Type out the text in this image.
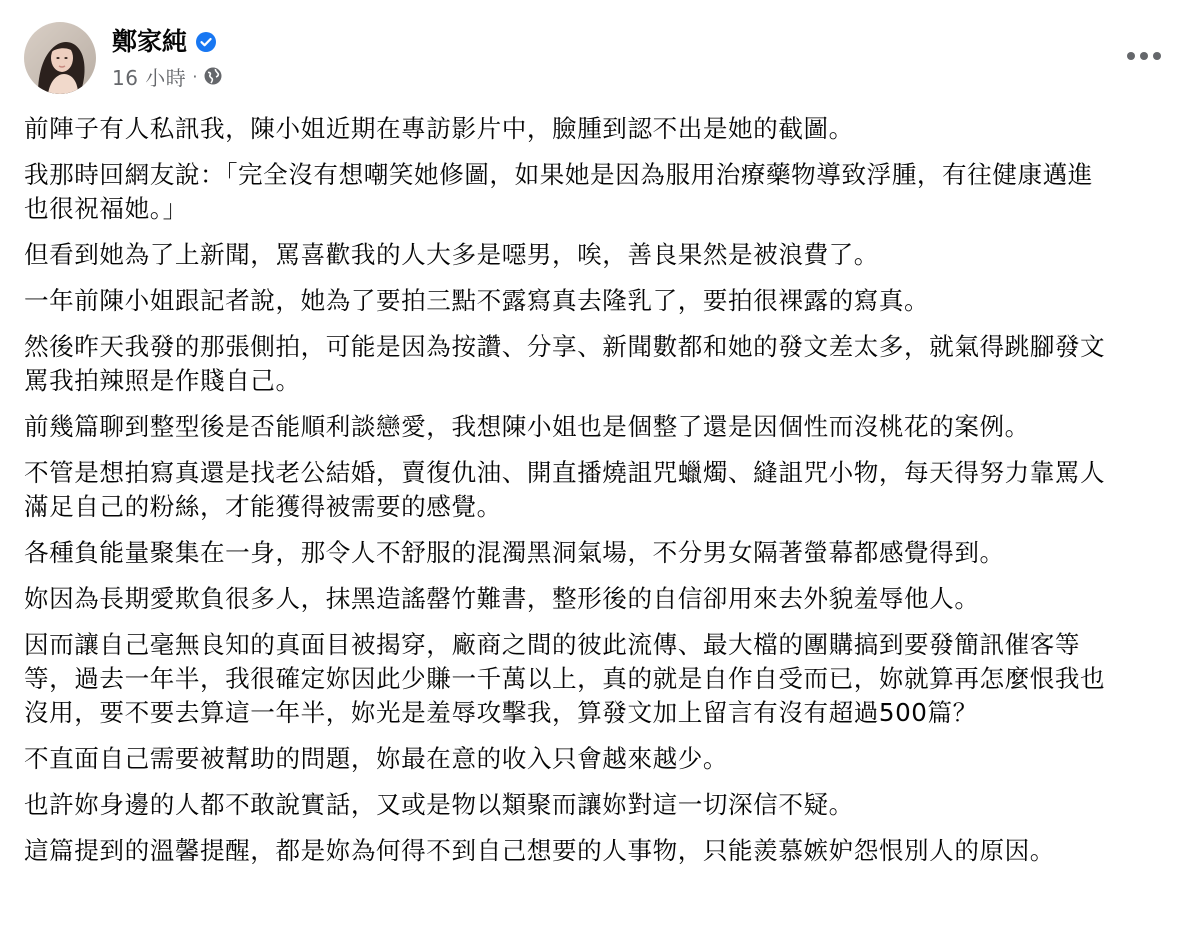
鄭家純
16 小時 ·

前陣子有人私訊我，陳小姐近期在專訪影片中，臉腫到認不出是她的截圖。

我那時回網友說：「完全沒有想嘲笑她修圖，如果她是因為服用治療藥物導致浮腫，有往健康邁進
也很祝福她。」

但看到她為了上新聞，罵喜歡我的人大多是噁男，唉，善良果然是被浪費了。

一年前陳小姐跟記者說，她為了要拍三點不露寫真去隆乳了，要拍很裸露的寫真。

然後昨天我發的那張側拍，可能是因為按讚、分享、新聞數都和她的發文差太多，就氣得跳腳發文
罵我拍辣照是作賤自己。

前幾篇聊到整型後是否能順利談戀愛，我想陳小姐也是個整了還是因個性而沒桃花的案例。

不管是想拍寫真還是找老公結婚，賣復仇油、開直播燒詛咒蠟燭、縫詛咒小物，每天得努力靠罵人
滿足自己的粉絲，才能獲得被需要的感覺。

各種負能量聚集在一身，那令人不舒服的混濁黑洞氣場，不分男女隔著螢幕都感覺得到。

妳因為長期愛欺負很多人，抹黑造謠罄竹難書，整形後的自信卻用來去外貌羞辱他人。

因而讓自己毫無良知的真面目被揭穿，廠商之間的彼此流傳、最大檔的團購搞到要發簡訊催客等
等，過去一年半，我很確定妳因此少賺一千萬以上，真的就是自作自受而已，妳就算再怎麼恨我也
沒用，要不要去算這一年半，妳光是羞辱攻擊我，算發文加上留言有沒有超過500篇？

不直面自己需要被幫助的問題，妳最在意的收入只會越來越少。

也許妳身邊的人都不敢說實話，又或是物以類聚而讓妳對這一切深信不疑。

這篇提到的溫馨提醒，都是妳為何得不到自己想要的人事物，只能羨慕嫉妒怨恨別人的原因。
